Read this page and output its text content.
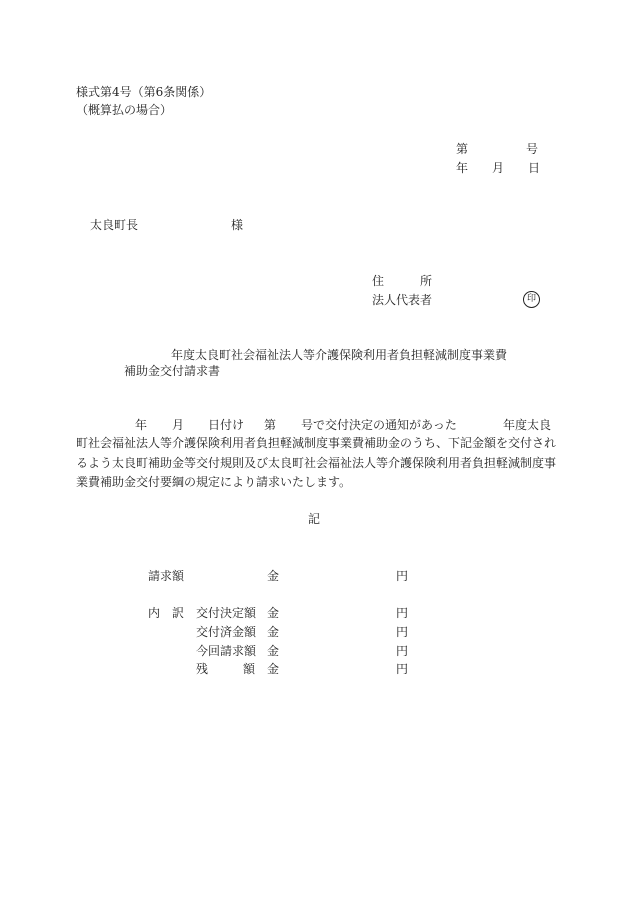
様式第4号（第6条関係）
（概算払の場合）
第	号
年 月 日
太良町長	様
住	所
法人代表者	印
年度太良町社会福祉法人等介護保険利用者負担軽減制度事業費
補助金交付請求書
年 月 日付け 第 号で交付決定の通知があった	年度太良
町社会福祉法人等介護保険利用者負担軽減制度事業費補助金のうち、下記金額を交付され
るよう太良町補助金等交付規則及び太良町社会福祉法人等介護保険利用者負担軽減制度事
業費補助金交付要綱の規定により請求いたします。
記
請求額	金	円
内 訳 交付決定額 金	円
交付済金額 金	円
今回請求額 金	円
残	額 金	円
